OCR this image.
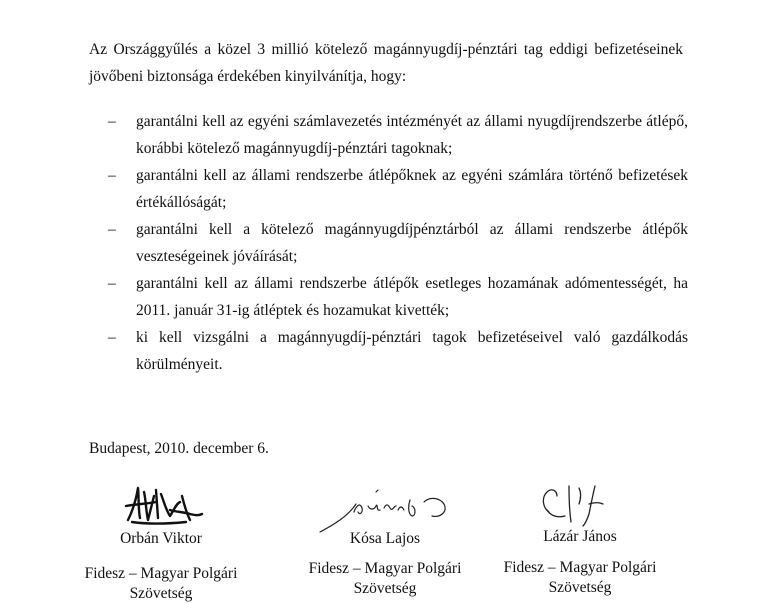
Az Országgyűlés a közel 3 millió kötelező magánnyugdíj-pénztári tag eddigi befizetéseinek jövőbeni biztonsága érdekében kinyilvánítja, hogy:

– garantálni kell az egyéni számlavezetés intézményét az állami nyugdíjrendszerbe átlépő, korábbi kötelező magánnyugdíj-pénztári tagoknak;
– garantálni kell az állami rendszerbe átlépőknek az egyéni számlára történő befizetések értékállóságát;
– garantálni kell a kötelező magánnyugdíjpénztárból az állami rendszerbe átlépők veszteségeinek jóváírását;
– garantálni kell az állami rendszerbe átlépők esetleges hozamának adómentességét, ha 2011. január 31-ig átléptek és hozamukat kivették;
– ki kell vizsgálni a magánnyugdíj-pénztári tagok befizetéseivel való gazdálkodás körülményeit.
Budapest, 2010. december 6.
Orbán Viktor
Fidesz – Magyar Polgári
Szövetség
Kósa Lajos
Fidesz – Magyar Polgári
Szövetség
Lázár János
Fidesz – Magyar Polgári
Szövetség
